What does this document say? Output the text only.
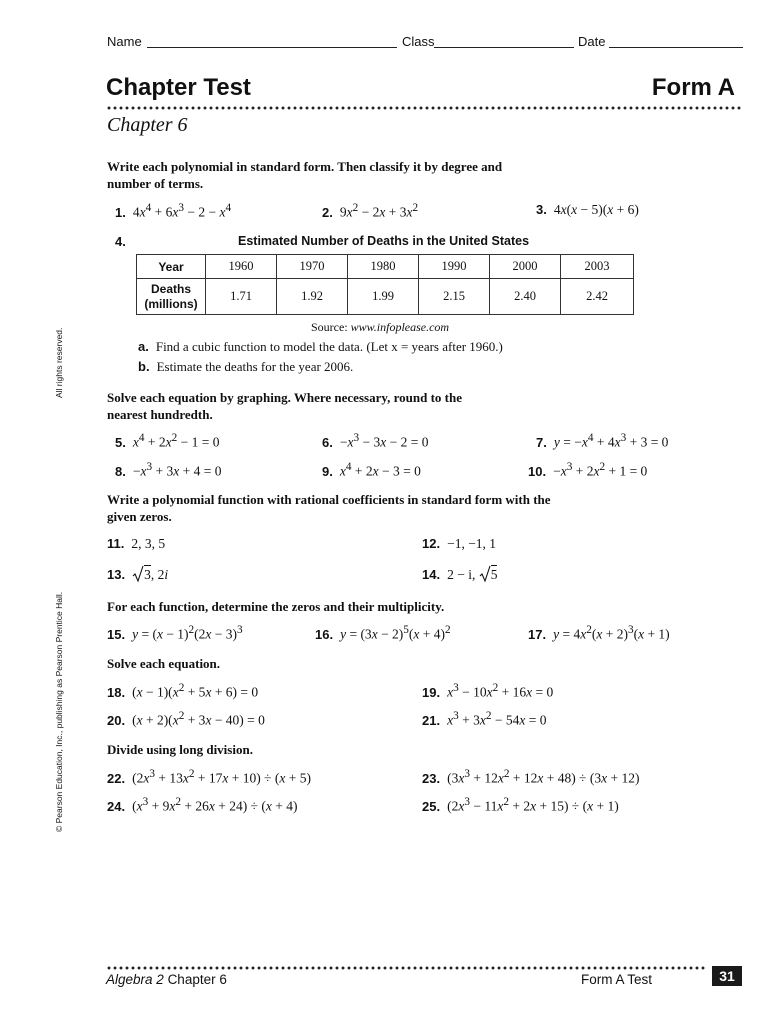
Name	Class	Date
Chapter Test	Form A
Chapter 6
Write each polynomial in standard form. Then classify it by degree and number of terms.
1. $4x^4 + 6x^3 - 2 - x^4$	2. $9x^2 - 2x + 3x^2$	3. 4x(x − 5)(x + 6)
4.	Estimated Number of Deaths in the United States
Year	1960	1970	1980	1990	2000	2003
Deaths
(millions)	1.71	1.92	1.99	2.15	2.40	2.42
Source: www.infoplease.com
a. Find a cubic function to model the data. (Let x = years after 1960.)
b. Estimate the deaths for the year 2006.
Solve each equation by graphing. Where necessary, round to the nearest hundredth.
5. $x^4 + 2x^2 - 1 = 0$	6. $-x^3 - 3x - 2 = 0$	7. $y = -x^4 + 4x^3 + 3 = 0$
8. $-x^3 + 3x + 4 = 0$	9. $x^4 + 2x - 3 = 0$	10. $-x^3 + 2x^2 + 1 = 0$
Write a polynomial function with rational coefficients in standard form with the given zeros.
11. 2, 3, 5	12. −1, −1, 1
13. 3, 2i	14. 2 − i, 5
For each function, determine the zeros and their multiplicity.
15. $y = (x - 1)^2(2x - 3)^3$	16. $y = (3x - 2)^5(x + 4)^2$	17. $y = 4x^2(x + 2)^3(x + 1)$
Solve each equation.
18. $(x - 1)(x^2 + 5x + 6) = 0$	19. $x^3 - 10x^2 + 16x = 0$
20. $(x + 2)(x^2 + 3x - 40) = 0$	21. $x^3 + 3x^2 - 54x = 0$
Divide using long division.
22. $(2x^3 + 13x^2 + 17x + 10) \div (x + 5)$	23. $(3x^3 + 12x^2 + 12x + 48) \div (3x + 12)$
24. $(x^3 + 9x^2 + 26x + 24) \div (x + 4)$	25. $(2x^3 - 11x^2 + 2x + 15) \div (x + 1)$
All rights reserved.
© Pearson Education, Inc., publishing as Pearson Prentice Hall.
Algebra 2 Chapter 6	Form A Test	31
